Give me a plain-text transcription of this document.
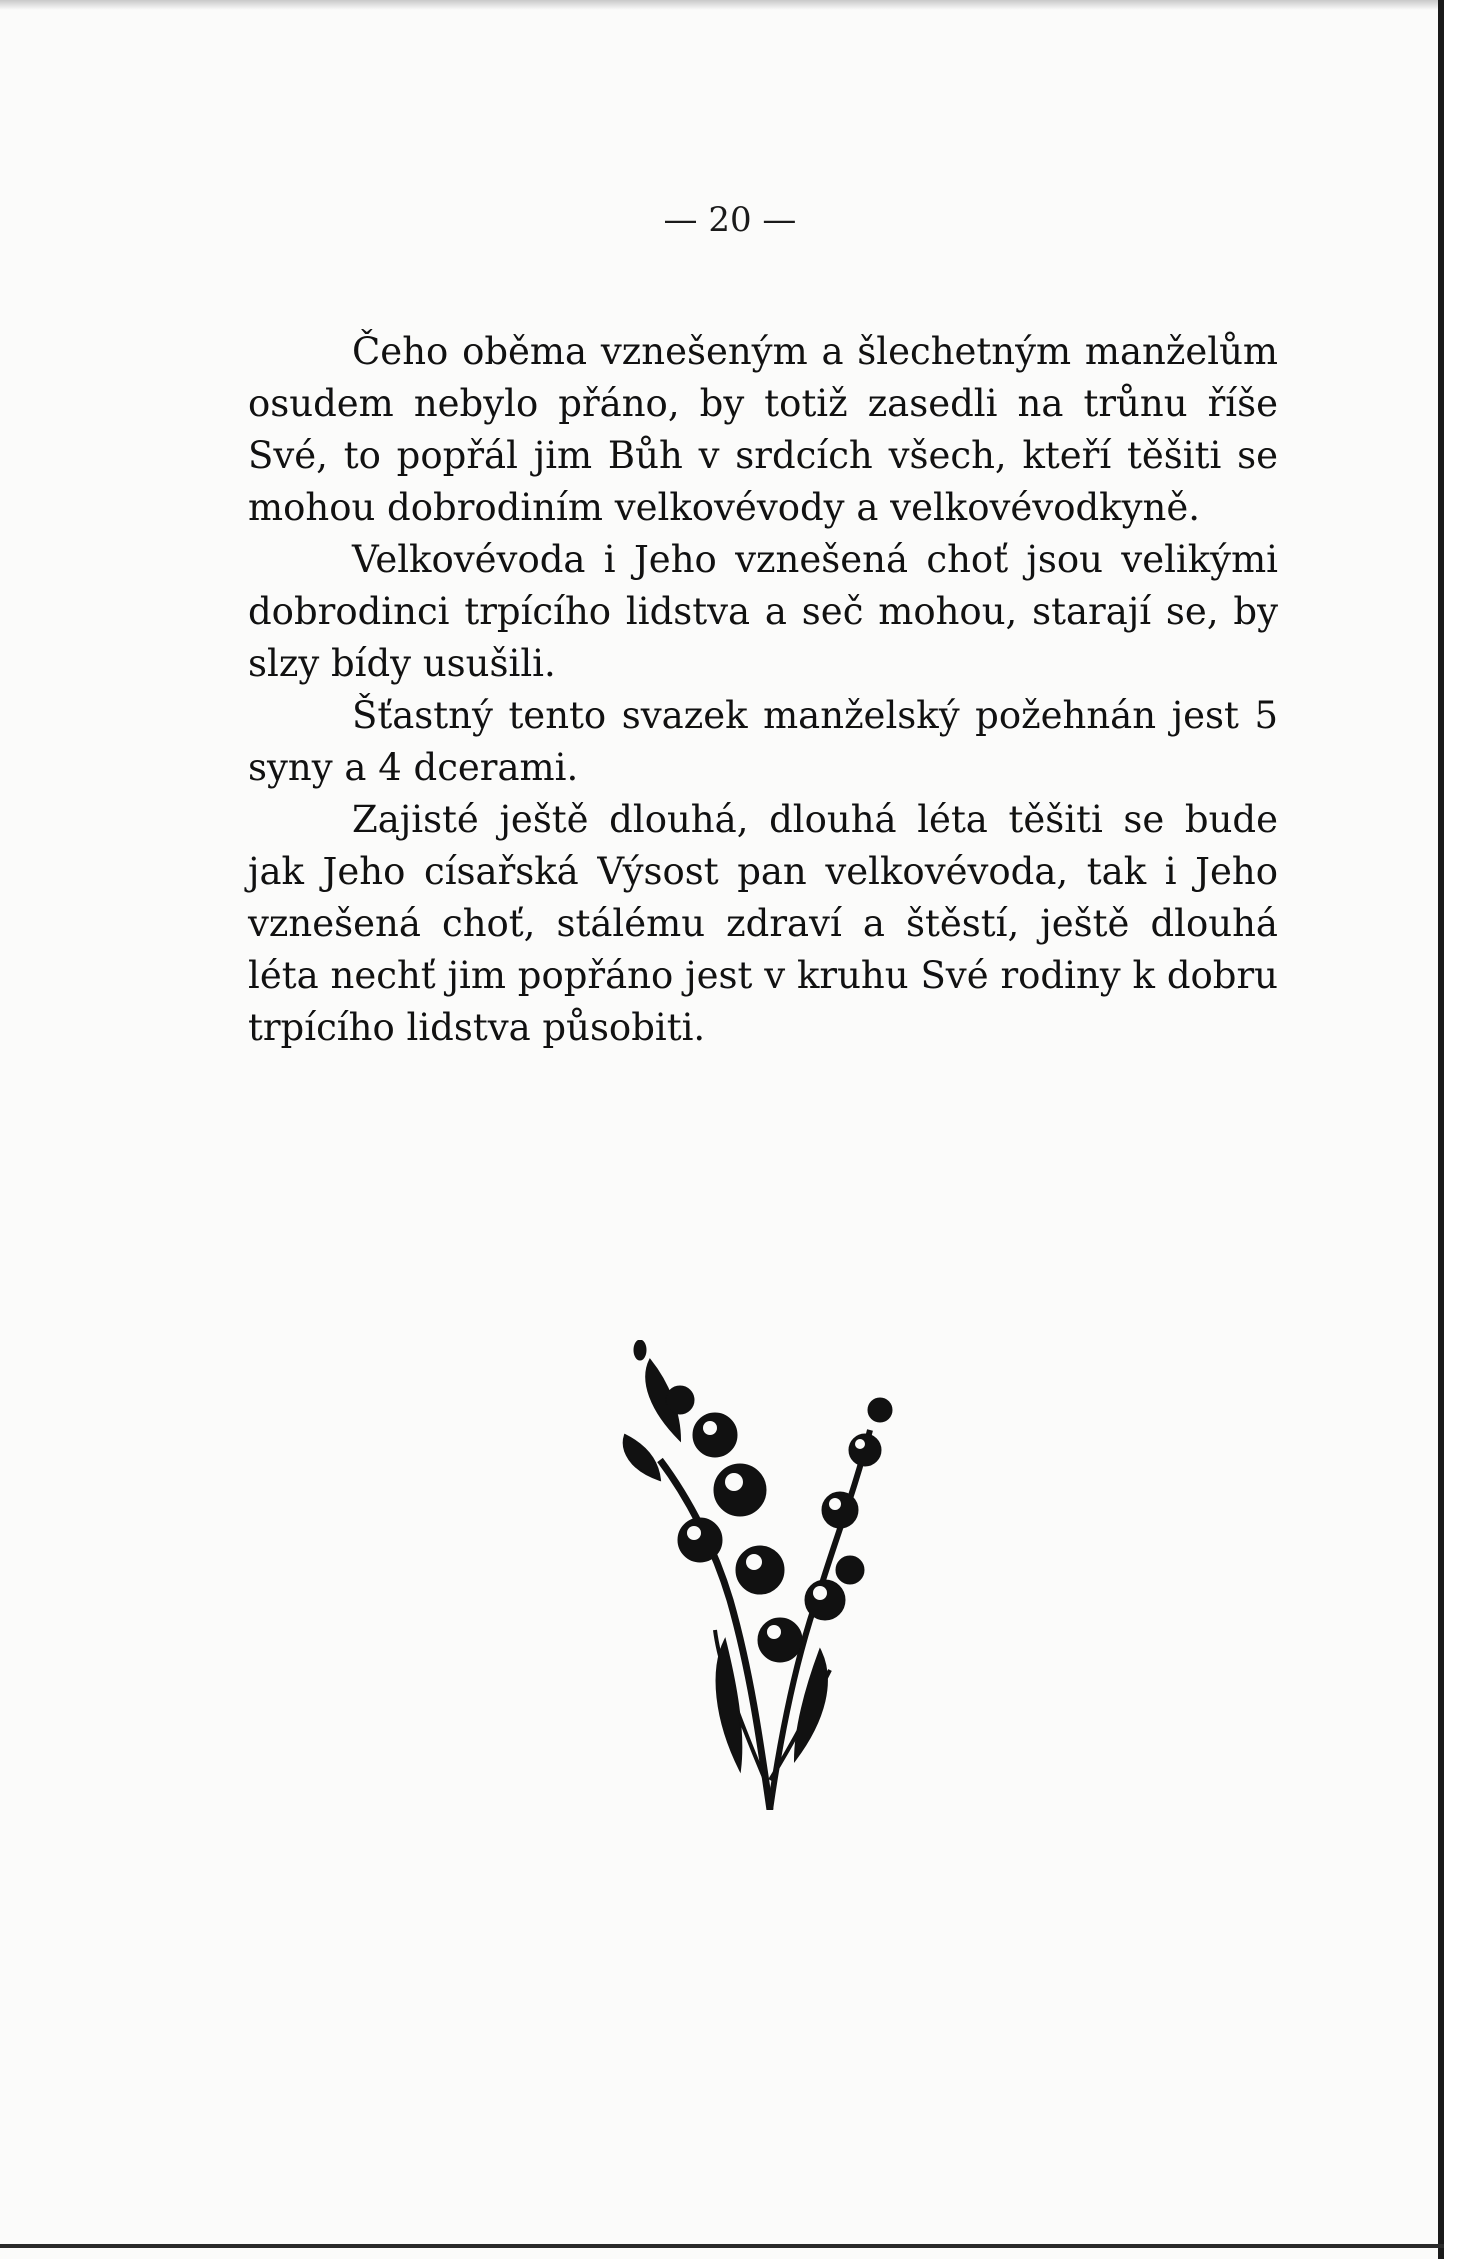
— 20 —

Čeho oběma vznešeným a šlechetným manželům osudem nebylo přáno, by totiž zasedli na trůnu říše Své, to popřál jim Bůh v srdcích všech, kteří těšiti se mohou dobrodiním velkovévody a velkovévodkyně.

Velkovévoda i Jeho vznešená choť jsou velikými dobrodinci trpícího lidstva a seč mohou, starají se, by slzy bídy usušili.

Šťastný tento svazek manželský požehnán jest 5 syny a 4 dcerami.

Zajisté ještě dlouhá, dlouhá léta těšiti se bude jak Jeho císařská Výsost pan velkovévoda, tak i Jeho vznešená choť, stálému zdraví a štěstí, ještě dlouhá léta nechť jim popřáno jest v kruhu Své rodiny k dobru trpícího lidstva působiti.
